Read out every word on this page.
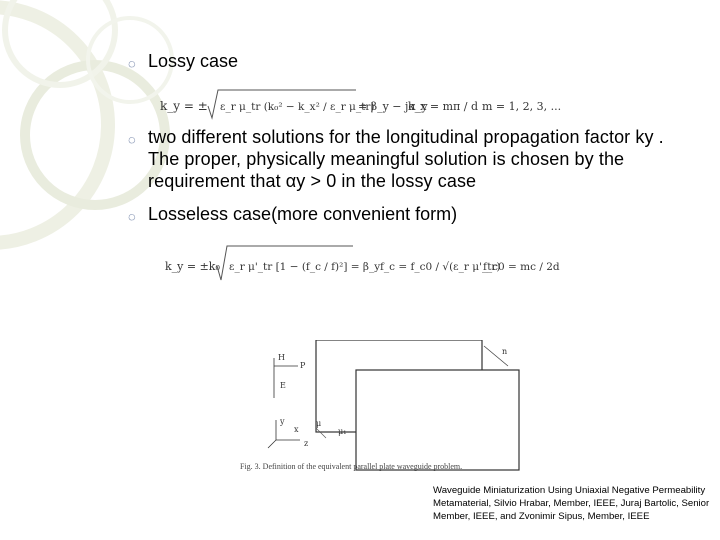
◌ Lossy case
◌ two different solutions for the longitudinal propagation factor ky . The proper, physically meaningful solution is chosen by the requirement that αy > 0 in the lossy case
◌ Losseless case(more convenient form)
k_y = ± ε_r μ_tr (k₀² − k_x² / ε_r μ_tr)
= β_y − jα_y
k_x = mπ / d m = 1, 2, 3, ...
k_y = ±k₀ ε_r μ'_tr [1 − (f_c / f)²] = β_y f_c = f_c0 / √(ε_r μ'_tr)
f_c0 = mc / 2d
n
H
P
E
y
z
x
μ
μ₁
Fig. 3. Definition of the equivalent parallel plate waveguide problem.
Waveguide Miniaturization Using Uniaxial Negative Permeability Metamaterial, Silvio Hrabar, Member, IEEE, Juraj Bartolic, Senior Member, IEEE, and Zvonimir Sipus, Member, IEEE
